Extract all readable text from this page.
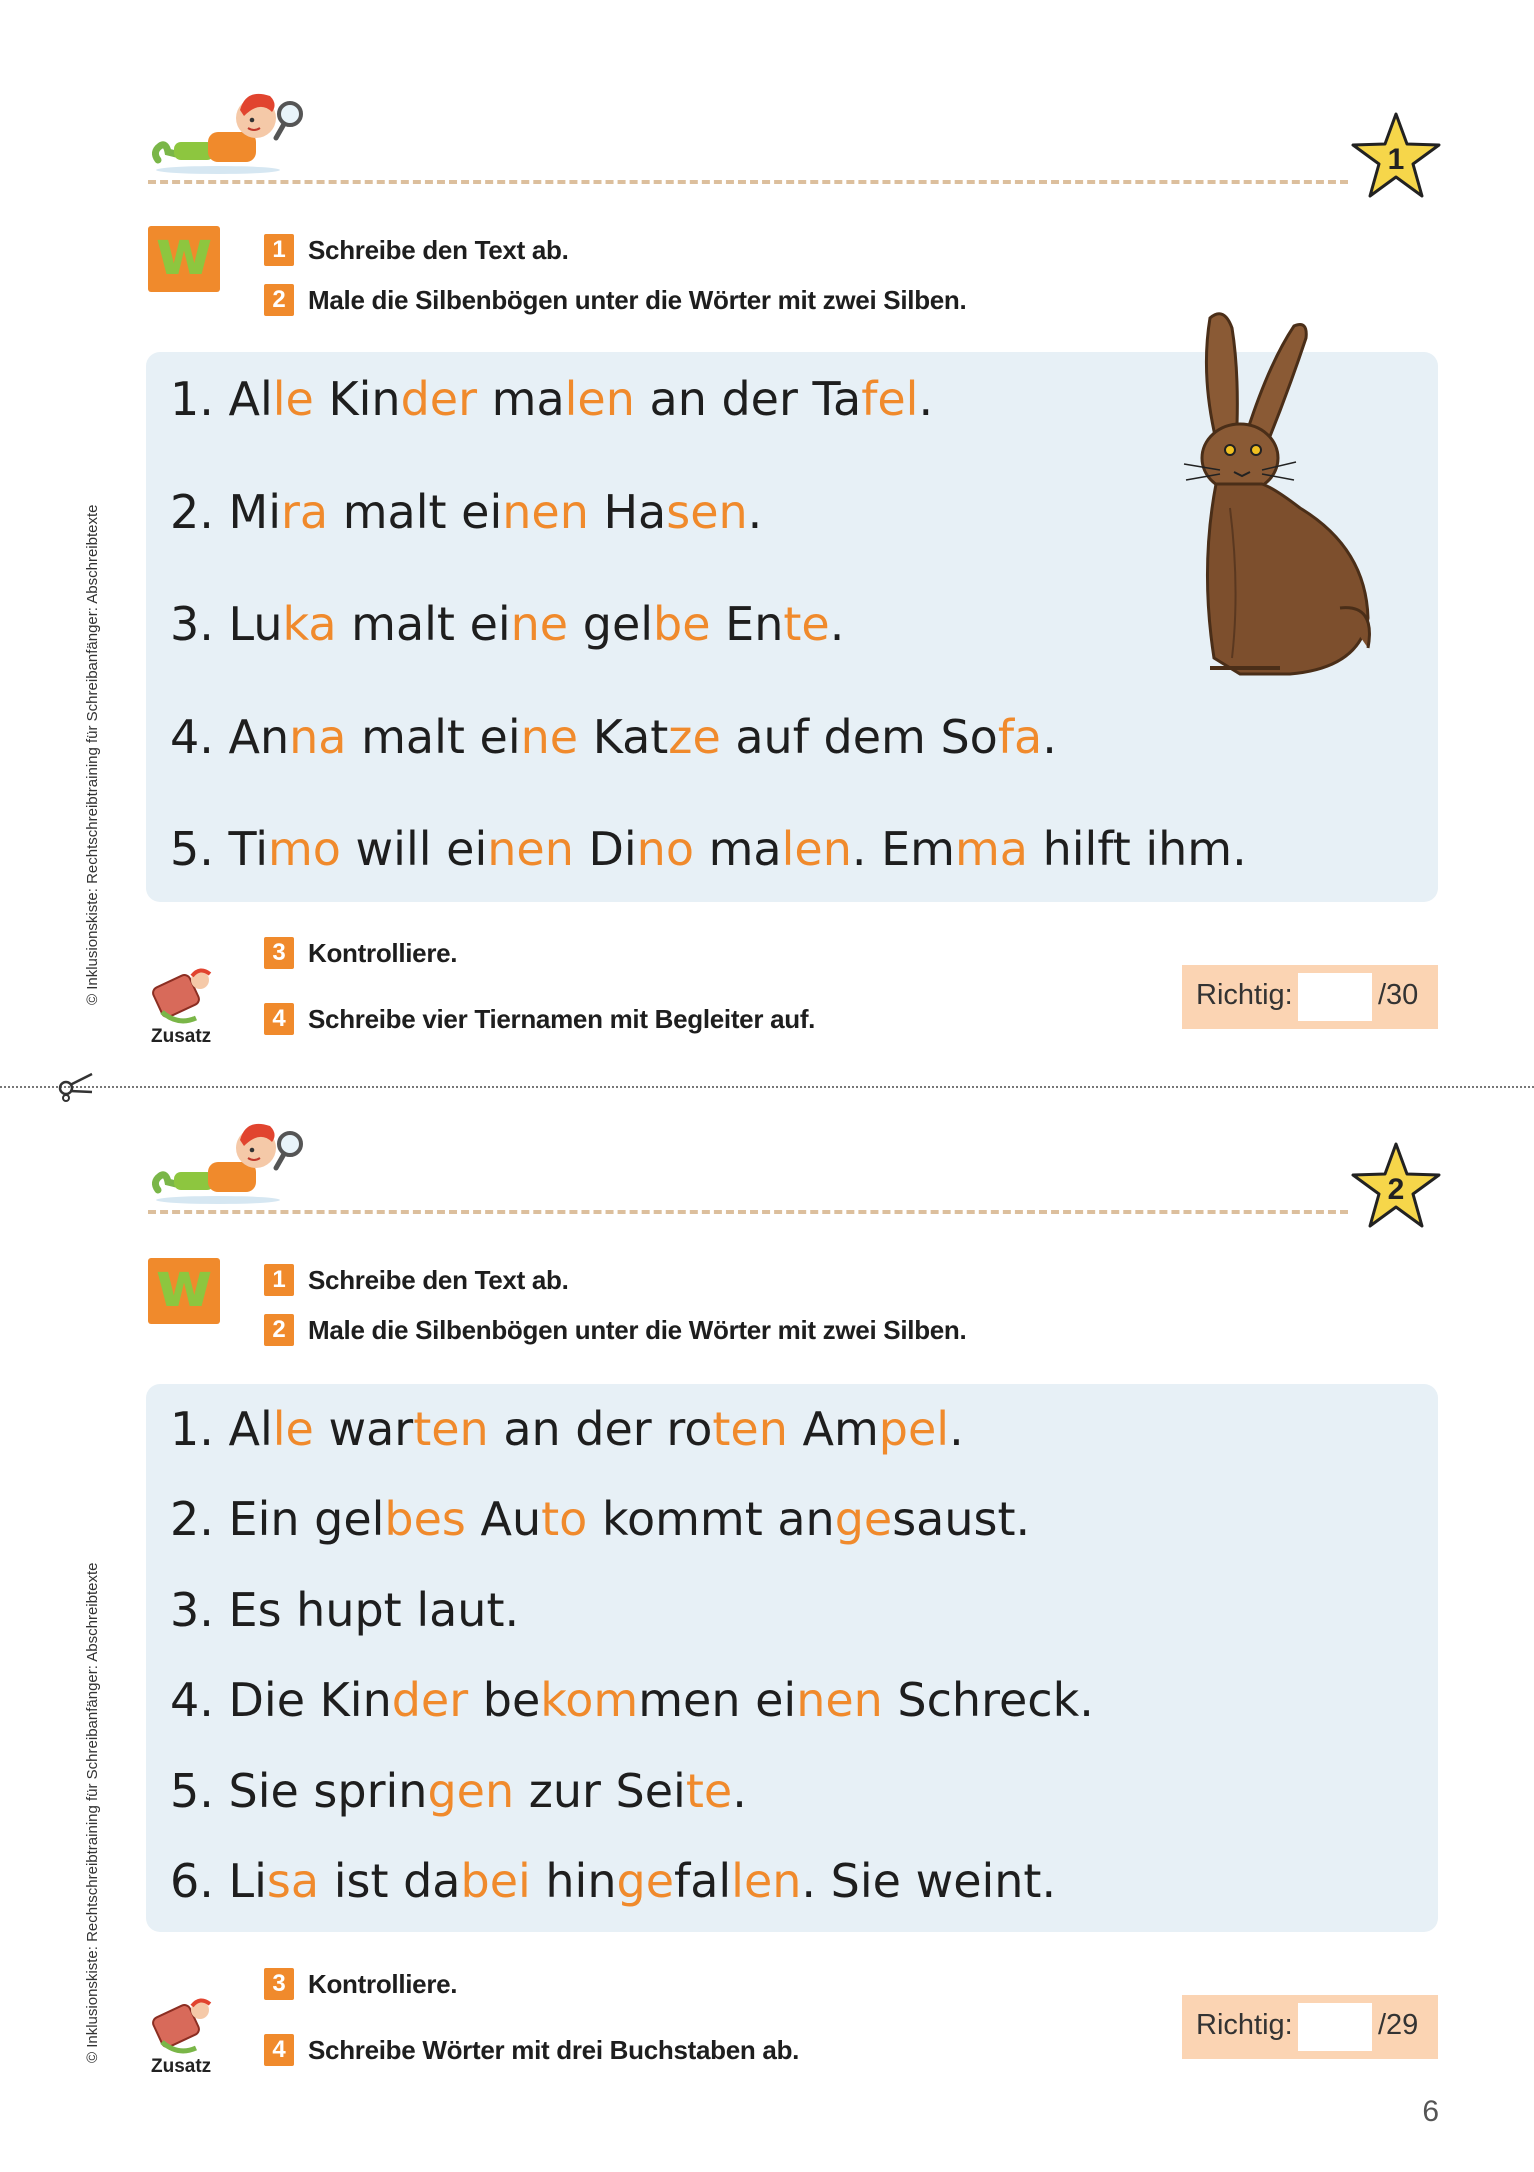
© Inklusionskiste: Rechtschreibtraining für Schreibanfänger: Abschreibtexte
© Inklusionskiste: Rechtschreibtraining für Schreibanfänger: Abschreibtexte
1
w	1 Schreibe den Text ab.
2 Male die Silbenbögen unter die Wörter mit zwei Silben.
1. Alle Kinder malen an der Tafel.
2. Mira malt einen Hasen.
3. Luka malt eine gelbe Ente.
4. Anna malt eine Katze auf dem Sofa.
5. Timo will einen Dino malen. Emma hilft ihm.
3 Kontrolliere.
4 Schreibe vier Tiernamen mit Begleiter auf.
Zusatz
Richtig:	/30
2
w	1 Schreibe den Text ab.
2 Male die Silbenbögen unter die Wörter mit zwei Silben.
1. Alle warten an der roten Ampel.
2. Ein gelbes Auto kommt angesaust.
3. Es hupt laut.
4. Die Kinder bekommen einen Schreck.
5. Sie springen zur Seite.
6. Lisa ist dabei hingefallen. Sie weint.
3 Kontrolliere.
4 Schreibe Wörter mit drei Buchstaben ab.
Zusatz
Richtig:	/29
6
